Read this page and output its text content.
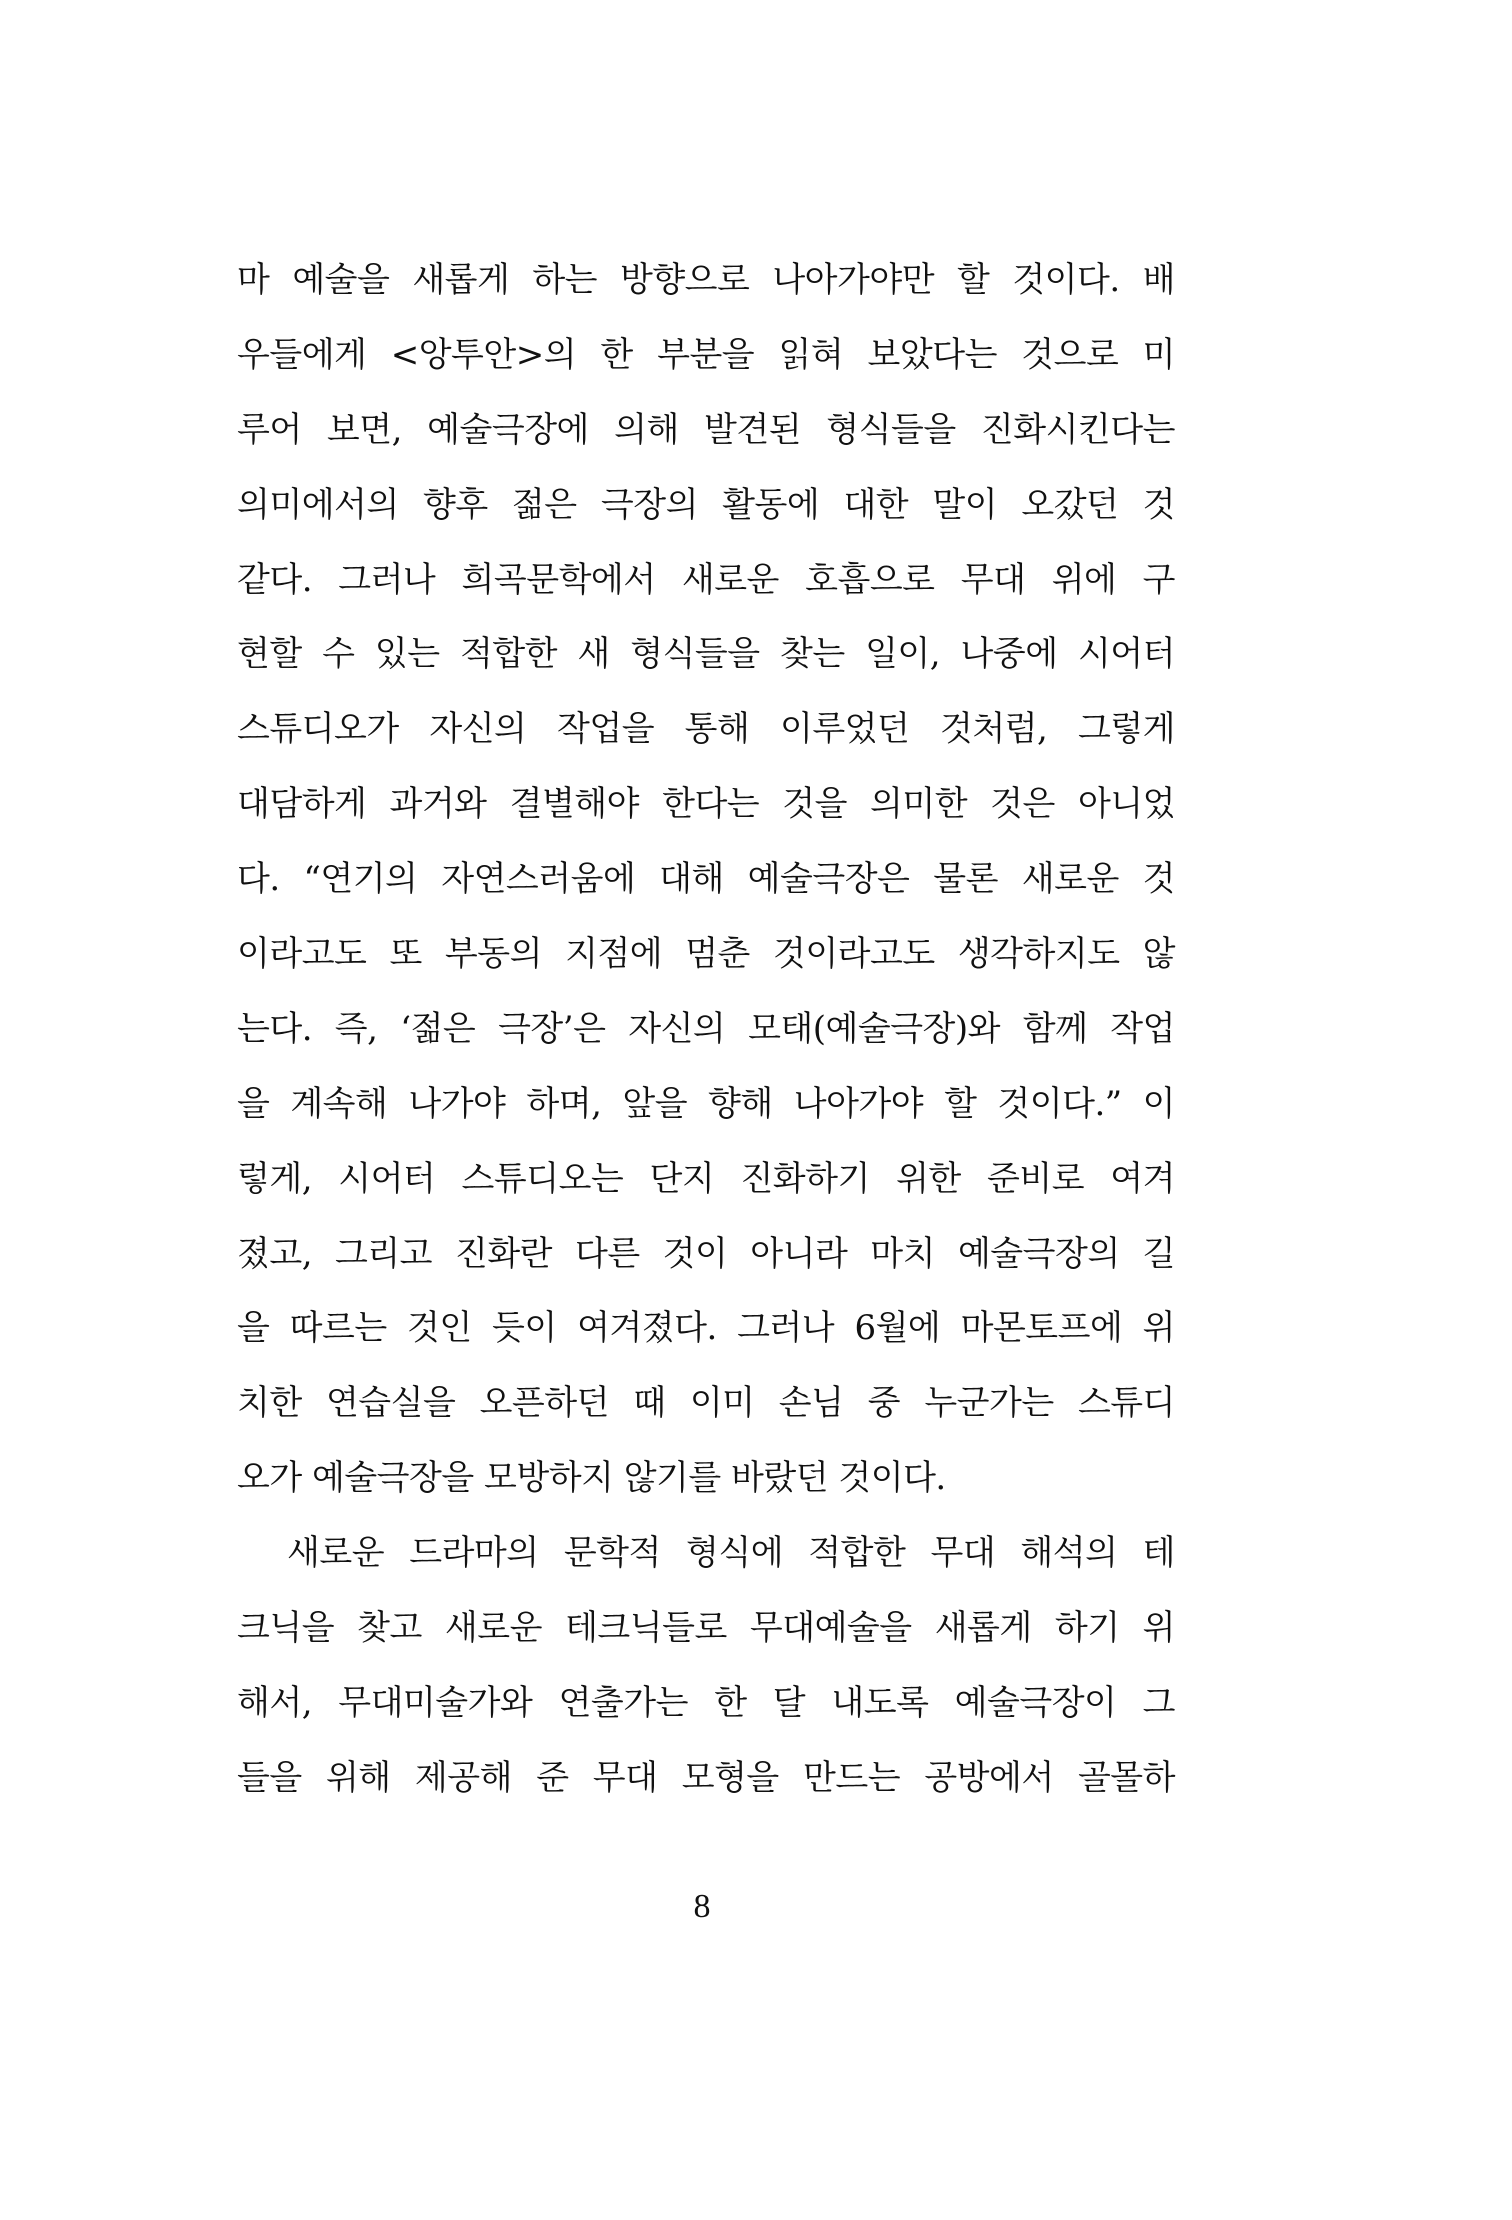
마 예술을 새롭게 하는 방향으로 나아가야만 할 것이다. 배
우들에게 <앙투안>의 한 부분을 읽혀 보았다는 것으로 미
루어 보면, 예술극장에 의해 발견된 형식들을 진화시킨다는
의미에서의 향후 젊은 극장의 활동에 대한 말이 오갔던 것
같다. 그러나 희곡문학에서 새로운 호흡으로 무대 위에 구
현할 수 있는 적합한 새 형식들을 찾는 일이, 나중에 시어터
스튜디오가 자신의 작업을 통해 이루었던 것처럼, 그렇게
대담하게 과거와 결별해야 한다는 것을 의미한 것은 아니었
다. “연기의 자연스러움에 대해 예술극장은 물론 새로운 것
이라고도 또 부동의 지점에 멈춘 것이라고도 생각하지도 않
는다. 즉, ‘젊은 극장’은 자신의 모태(예술극장)와 함께 작업
을 계속해 나가야 하며, 앞을 향해 나아가야 할 것이다.” 이
렇게, 시어터 스튜디오는 단지 진화하기 위한 준비로 여겨
졌고, 그리고 진화란 다른 것이 아니라 마치 예술극장의 길
을 따르는 것인 듯이 여겨졌다. 그러나 6월에 마몬토프에 위
치한 연습실을 오픈하던 때 이미 손님 중 누군가는 스튜디
오가 예술극장을 모방하지 않기를 바랐던 것이다.
새로운 드라마의 문학적 형식에 적합한 무대 해석의 테
크닉을 찾고 새로운 테크닉들로 무대예술을 새롭게 하기 위
해서, 무대미술가와 연출가는 한 달 내도록 예술극장이 그
들을 위해 제공해 준 무대 모형을 만드는 공방에서 골몰하
8
